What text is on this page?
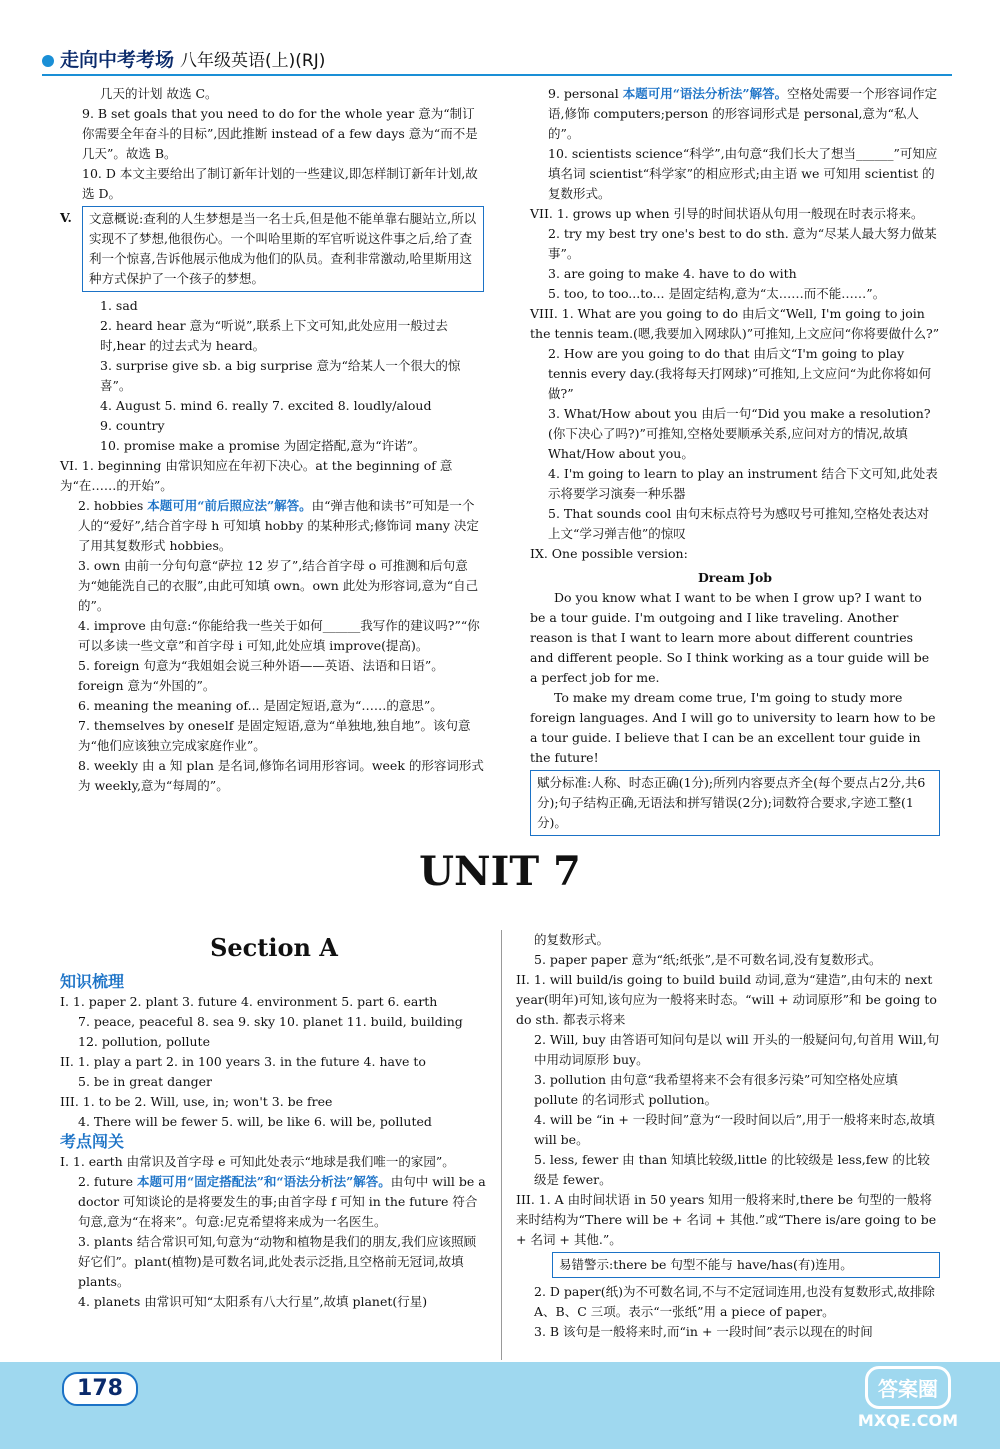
走向中考考场 八年级英语(上)(RJ)

几天的计划 故选 C。

9. B set goals that you need to do for the whole year 意为“制订你需要全年奋斗的目标”,因此推断 instead of a few days 意为“而不是几天”。故选 B。

10. D 本文主要给出了制订新年计划的一些建议,即怎样制订新年计划,故选 D。

V. 文意概说:查利的人生梦想是当一名士兵,但是他不能单靠右腿站立,所以实现不了梦想,他很伤心。一个叫哈里斯的军官听说这件事之后,给了查利一个惊喜,告诉他展示他成为他们的队员。查利非常激动,哈里斯用这种方式保护了一个孩子的梦想。

1. sad

2. heard hear 意为“听说”,联系上下文可知,此处应用一般过去时,hear 的过去式为 heard。

3. surprise give sb. a big surprise 意为“给某人一个很大的惊喜”。

4. August 5. mind 6. really 7. excited 8. loudly/aloud

9. country

10. promise make a promise 为固定搭配,意为“许诺”。

VI. 1. beginning 由常识知应在年初下决心。at the beginning of 意为“在……的开始”。

2. hobbies 本题可用“前后照应法”解答。由“弹吉他和读书”可知是一个人的“爱好”,结合首字母 h 可知填 hobby 的某种形式;修饰词 many 决定了用其复数形式 hobbies。

3. own 由前一分句句意“萨拉 12 岁了”,结合首字母 o 可推测和后句意为“她能洗自己的衣服”,由此可知填 own。own 此处为形容词,意为“自己的”。

4. improve 由句意:“你能给我一些关于如何______我写作的建议吗?”“你可以多读一些文章”和首字母 i 可知,此处应填 improve(提高)。

5. foreign 句意为“我姐姐会说三种外语——英语、法语和日语”。foreign 意为“外国的”。

6. meaning the meaning of... 是固定短语,意为“……的意思”。

7. themselves by oneself 是固定短语,意为“单独地,独自地”。该句意为“他们应该独立完成家庭作业”。

8. weekly 由 a 知 plan 是名词,修饰名词用形容词。week 的形容词形式为 weekly,意为“每周的”。

9. personal 本题可用“语法分析法”解答。空格处需要一个形容词作定语,修饰 computers;person 的形容词形式是 personal,意为“私人的”。

10. scientists science“科学”,由句意“我们长大了想当______”可知应填名词 scientist“科学家”的相应形式;由主语 we 可知用 scientist 的复数形式。

VII. 1. grows up when 引导的时间状语从句用一般现在时表示将来。

2. try my best try one's best to do sth. 意为“尽某人最大努力做某事”。

3. are going to make 4. have to do with

5. too, to too...to... 是固定结构,意为“太……而不能……”。

VIII. 1. What are you going to do 由后文“Well, I'm going to join the tennis team.(嗯,我要加入网球队)”可推知,上文应问“你将要做什么?”

2. How are you going to do that 由后文“I'm going to play tennis every day.(我将每天打网球)”可推知,上文应问“为此你将如何做?”

3. What/How about you 由后一句“Did you make a resolution?(你下决心了吗?)”可推知,空格处要顺承关系,应问对方的情况,故填 What/How about you。

4. I'm going to learn to play an instrument 结合下文可知,此处表示将要学习演奏一种乐器

5. That sounds cool 由句末标点符号为感叹号可推知,空格处表达对上文“学习弹吉他”的惊叹

IX. One possible version:

Dream Job

Do you know what I want to be when I grow up? I want to be a tour guide. I'm outgoing and I like traveling. Another reason is that I want to learn more about different countries and different people. So I think working as a tour guide will be a perfect job for me.

To make my dream come true, I'm going to study more foreign languages. And I will go to university to learn how to be a tour guide. I believe that I can be an excellent tour guide in the future!

赋分标准:人称、时态正确(1分);所列内容要点齐全(每个要点占2分,共6分);句子结构正确,无语法和拼写错误(2分);词数符合要求,字迹工整(1分)。

UNIT 7
Section A
知识梳理

I. 1. paper 2. plant 3. future 4. environment 5. part 6. earth

7. peace, peaceful 8. sea 9. sky 10. planet 11. build, building

12. pollution, pollute

II. 1. play a part 2. in 100 years 3. in the future 4. have to

5. be in great danger

III. 1. to be 2. Will, use, in; won't 3. be free

4. There will be fewer 5. will, be like 6. will be, polluted

考点闯关

I. 1. earth 由常识及首字母 e 可知此处表示“地球是我们唯一的家园”。

2. future 本题可用“固定搭配法”和“语法分析法”解答。由句中 will be a doctor 可知谈论的是将要发生的事;由首字母 f 可知 in the future 符合句意,意为“在将来”。句意:尼克希望将来成为一名医生。

3. plants 结合常识可知,句意为“动物和植物是我们的朋友,我们应该照顾好它们”。plant(植物)是可数名词,此处表示泛指,且空格前无冠词,故填 plants。

4. planets 由常识可知“太阳系有八大行星”,故填 planet(行星)

的复数形式。

5. paper paper 意为“纸;纸张”,是不可数名词,没有复数形式。

II. 1. will build/is going to build build 动词,意为“建造”,由句末的 next year(明年)可知,该句应为一般将来时态。“will + 动词原形”和 be going to do sth. 都表示将来

2. Will, buy 由答语可知问句是以 will 开头的一般疑问句,句首用 Will,句中用动词原形 buy。

3. pollution 由句意“我希望将来不会有很多污染”可知空格处应填 pollute 的名词形式 pollution。

4. will be “in + 一段时间”意为“一段时间以后”,用于一般将来时态,故填 will be。

5. less, fewer 由 than 知填比较级,little 的比较级是 less,few 的比较级是 fewer。

III. 1. A 由时间状语 in 50 years 知用一般将来时,there be 句型的一般将来时结构为“There will be + 名词 + 其他.”或“There is/are going to be + 名词 + 其他.”。

易错警示:there be 句型不能与 have/has(有)连用。

2. D paper(纸)为不可数名词,不与不定冠词连用,也没有复数形式,故排除 A、B、C 三项。表示“一张纸”用 a piece of paper。

3. B 该句是一般将来时,而“in + 一段时间”表示以现在的时间

178	答案圈
MXQE.COM
